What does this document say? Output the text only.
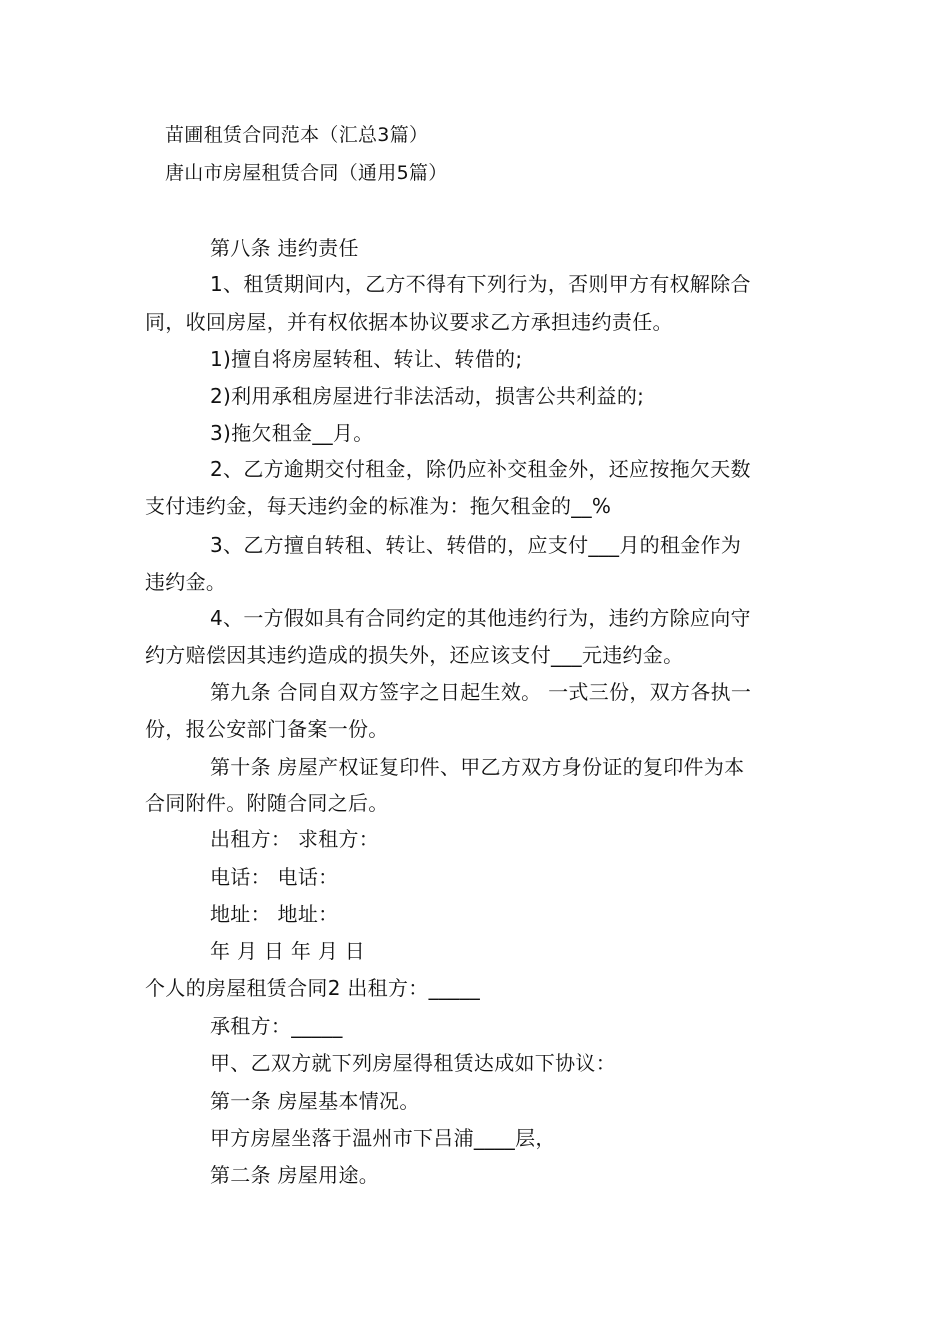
苗圃租赁合同范本（汇总3篇）
唐山市房屋租赁合同（通用5篇）
第八条 违约责任
1、租赁期间内，乙方不得有下列行为，否则甲方有权解除合
同，收回房屋，并有权依据本协议要求乙方承担违约责任。
1)擅自将房屋转租、转让、转借的;
2)利用承租房屋进行非法活动，损害公共利益的;
3)拖欠租金__月。
2、乙方逾期交付租金，除仍应补交租金外，还应按拖欠天数
支付违约金，每天违约金的标准为：拖欠租金的__%
3、乙方擅自转租、转让、转借的，应支付___月的租金作为
违约金。
4、一方假如具有合同约定的其他违约行为，违约方除应向守
约方赔偿因其违约造成的损失外，还应该支付___元违约金。
第九条 合同自双方签字之日起生效。 一式三份，双方各执一
份，报公安部门备案一份。
第十条 房屋产权证复印件、甲乙方双方身份证的复印件为本
合同附件。附随合同之后。
出租方： 求租方：
电话： 电话：
地址： 地址：
年 月 日 年 月 日
个人的房屋租赁合同2 出租方：_____
承租方：_____
甲、乙双方就下列房屋得租赁达成如下协议：
第一条 房屋基本情况。
甲方房屋坐落于温州市下吕浦____层，
第二条 房屋用途。
